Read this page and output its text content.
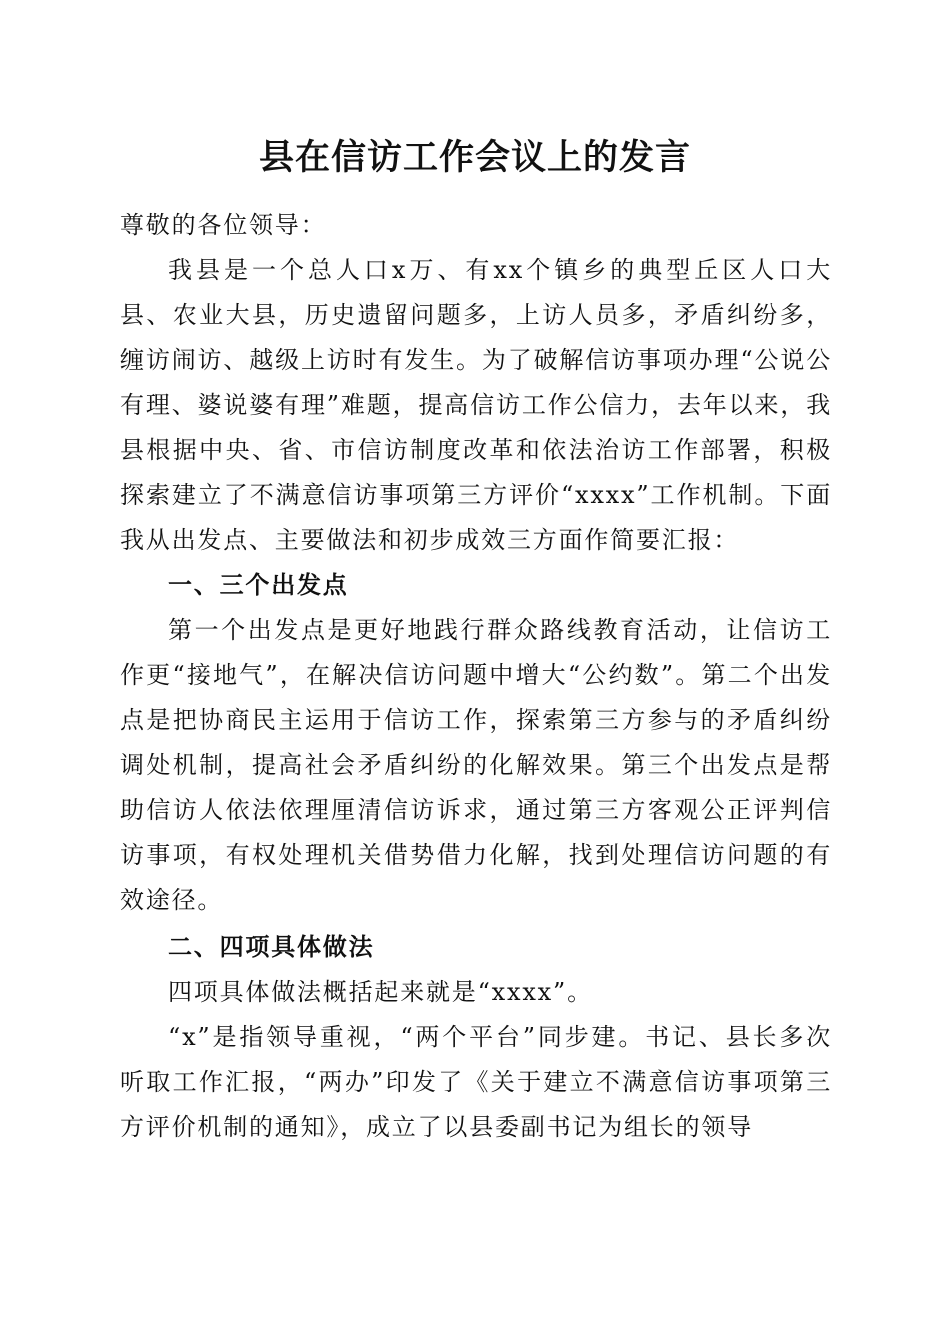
县在信访工作会议上的发言

尊敬的各位领导：

我县是一个总人口x万、有xx个镇乡的典型丘区人口大县、农业大县，历史遗留问题多，上访人员多，矛盾纠纷多，缠访闹访、越级上访时有发生。为了破解信访事项办理“公说公有理、婆说婆有理”难题，提高信访工作公信力，去年以来，我县根据中央、省、市信访制度改革和依法治访工作部署，积极探索建立了不满意信访事项第三方评价“xxxx”工作机制。下面我从出发点、主要做法和初步成效三方面作简要汇报：

一、三个出发点

第一个出发点是更好地践行群众路线教育活动，让信访工作更“接地气”，在解决信访问题中增大“公约数”。第二个出发点是把协商民主运用于信访工作，探索第三方参与的矛盾纠纷调处机制，提高社会矛盾纠纷的化解效果。第三个出发点是帮助信访人依法依理厘清信访诉求，通过第三方客观公正评判信访事项，有权处理机关借势借力化解，找到处理信访问题的有效途径。

二、四项具体做法

四项具体做法概括起来就是“xxxx”。

“x”是指领导重视，“两个平台”同步建。书记、县长多次听取工作汇报，“两办”印发了《关于建立不满意信访事项第三方评价机制的通知》，成立了以县委副书记为组长的领导
